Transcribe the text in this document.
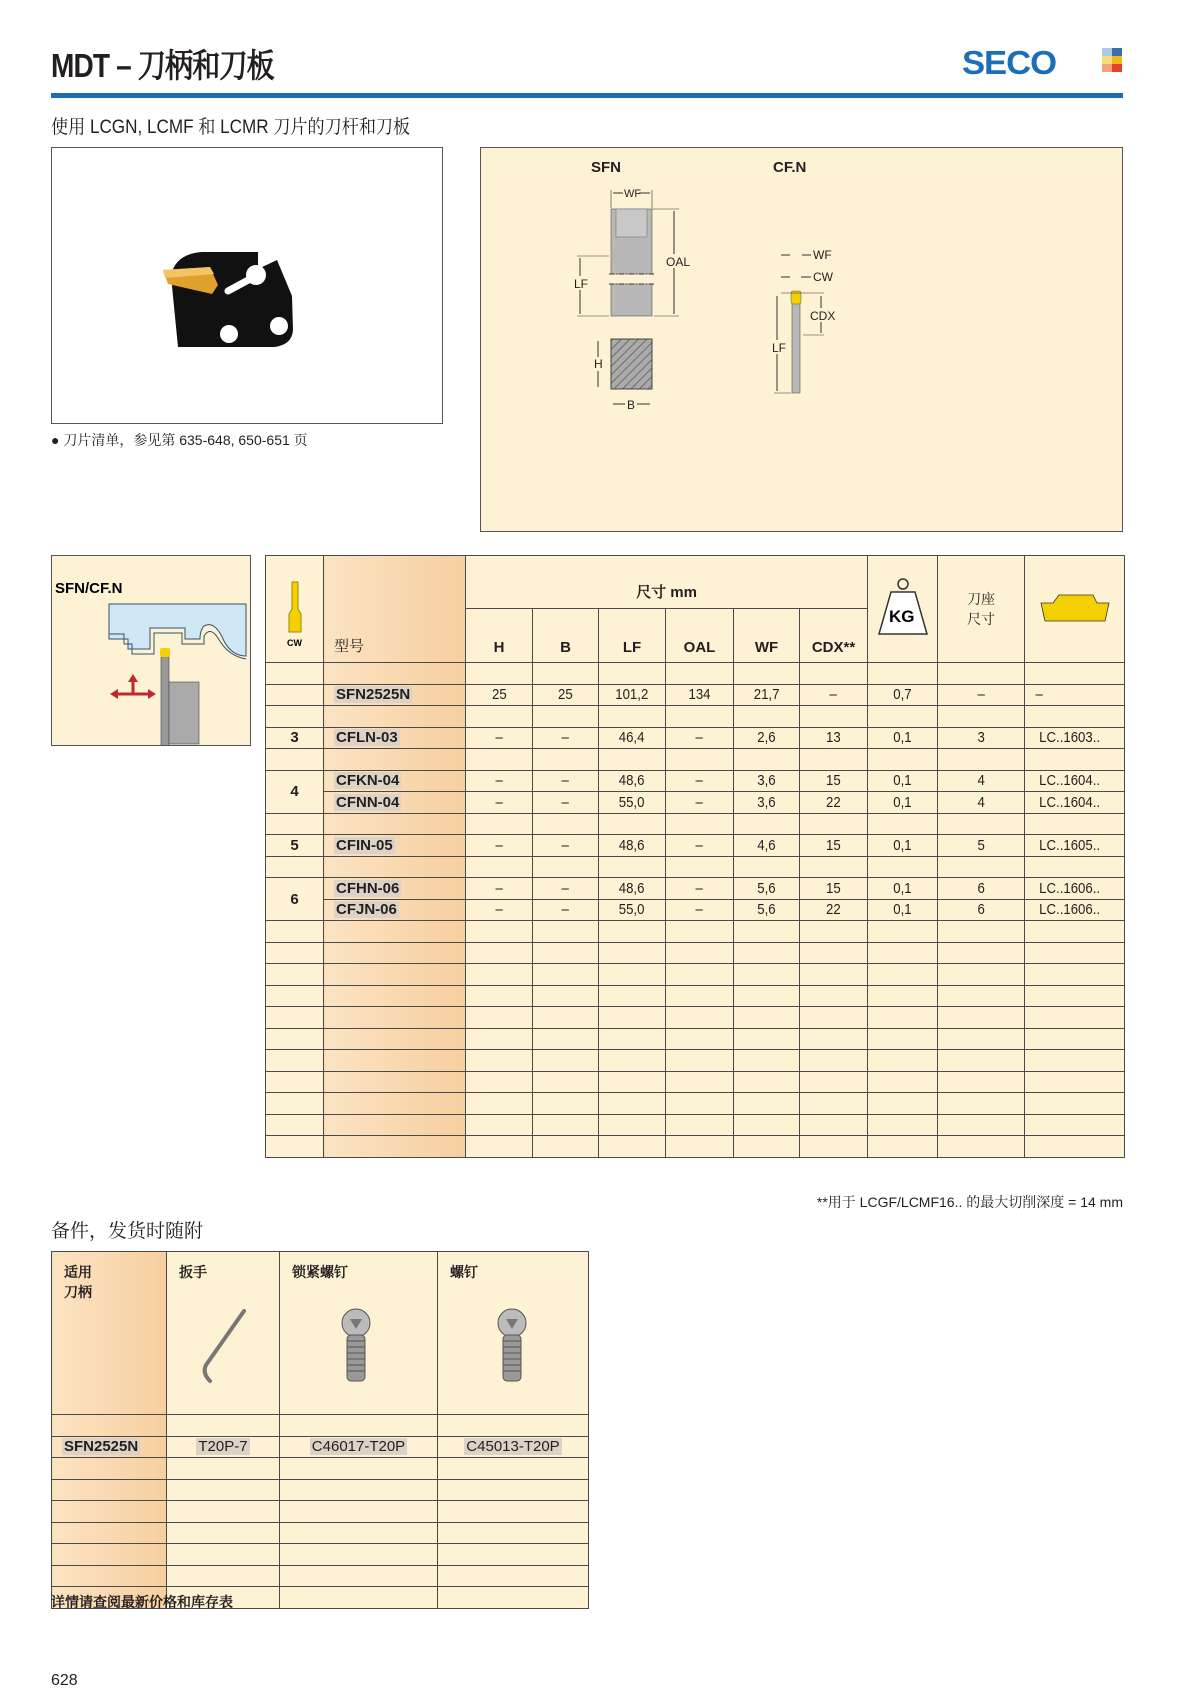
MDT – 刀柄和刀板	SECO
使用 LCGN, LCMF 和 LCMR 刀片的刀杆和刀板
● 刀片清单，参见第 635-648, 650-651 页
SFN	CF.N
WF
OAL
LF
H
B
WF
CW
CDX
LF
SFN/CF.N
CW	型号	尺寸 mm						KG	刀座
尺寸

		H	B	LF	OAL	WF	CDX**			

	SFN2525N	25	25	101,2	134	21,7	–	0,7	–	–

3	CFLN-03	–	–	46,4	–	2,6	13	0,1	3	LC..1603..

4	CFKN-04	–	–	48,6	–	3,6	15	0,1	4	LC..1604..
	CFNN-04	–	–	55,0	–	3,6	22	0,1	4	LC..1604..

5	CFIN-05	–	–	48,6	–	4,6	15	0,1	5	LC..1605..

6	CFHN-06	–	–	48,6	–	5,6	15	0,1	6	LC..1606..
	CFJN-06	–	–	55,0	–	5,6	22	0,1	6	LC..1606..

**用于 LCGF/LCMF16.. 的最大切削深度 = 14 mm
备件，发货时随附
适用
刀柄	扳手	锁紧螺钉	螺钉

SFN2525N	T20P-7	C46017-T20P	C45013-T20P

详情请查阅最新价格和库存表
628
